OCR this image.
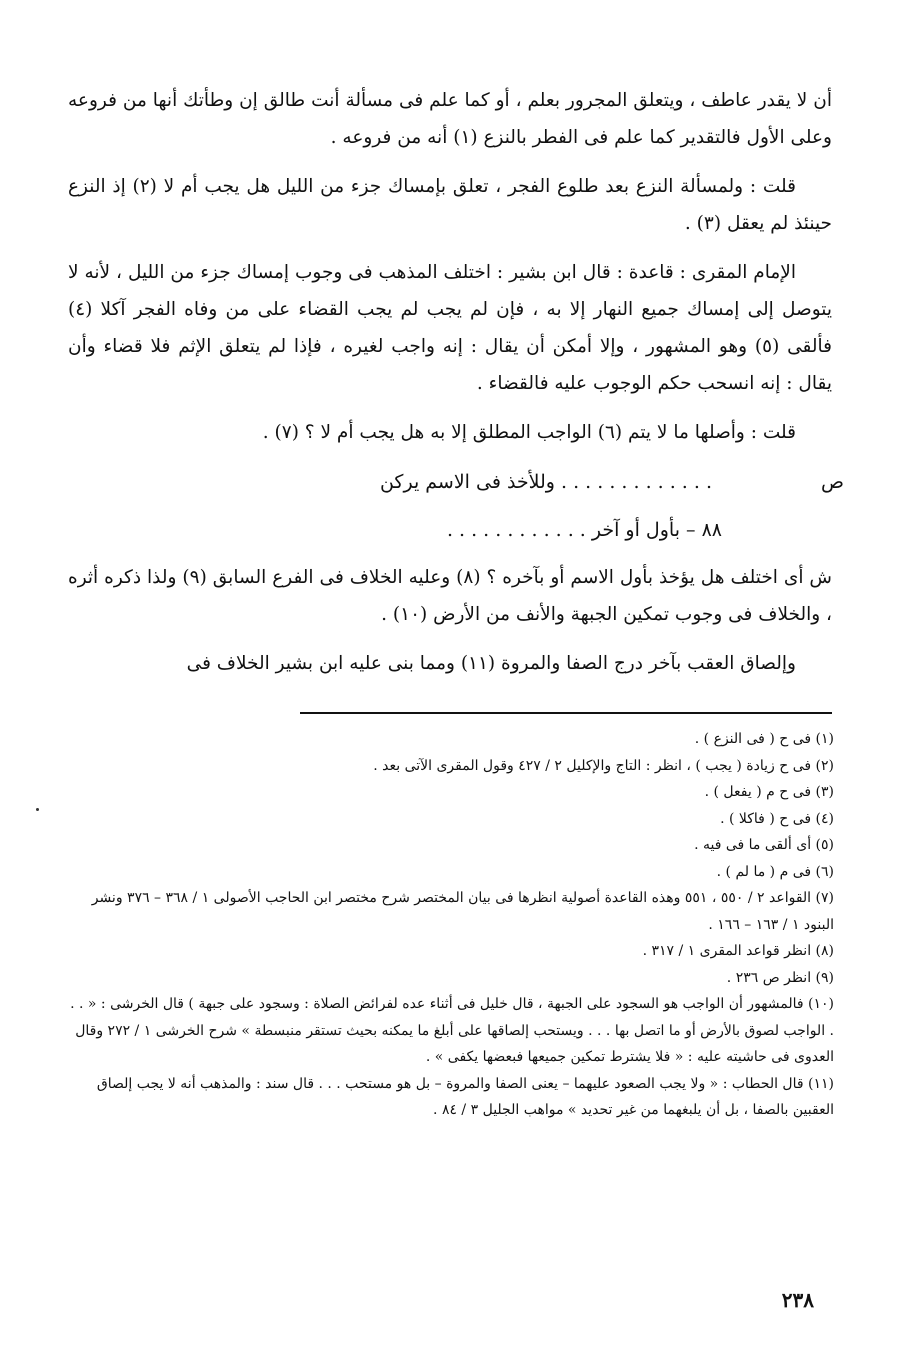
أن لا يقدر عاطف ، ويتعلق المجرور بعلم ، أو كما علم فى مسألة أنت طالق إن وطأتك أنها من فروعه وعلى الأول فالتقدير كما علم فى الفطر بالنزع (١) أنه من فروعه .

قلت : ولمسألة النزع بعد طلوع الفجر ، تعلق بإمساك جزء من الليل هل يجب أم لا (٢) إذ النزع حينئذ لم يعقل (٣) .

الإمام المقرى : قاعدة : قال ابن بشير : اختلف المذهب فى وجوب إمساك جزء من الليل ، لأنه لا يتوصل إلى إمساك جميع النهار إلا به ، فإن لم يجب لم يجب القضاء على من وفاه الفجر آكلا (٤) فألقى (٥) وهو المشهور ، وإلا أمكن أن يقال : إنه واجب لغيره ، فإذا لم يتعلق الإثم فلا قضاء وأن يقال : إنه انسحب حكم الوجوب عليه فالقضاء .

قلت : وأصلها ما لا يتم (٦) الواجب المطلق إلا به هل يجب أم لا ؟ (٧) .

ص
. . . . . . . . . . . . . وللأخذ فى الاسم يركن
٨٨ – بأول أو آخر . . . . . . . . . . . .

ش أى اختلف هل يؤخذ بأول الاسم أو بآخره ؟ (٨) وعليه الخلاف فى الفرع السابق (٩) ولذا ذكره أثره ، والخلاف فى وجوب تمكين الجبهة والأنف من الأرض (١٠) .

وإلصاق العقب بآخر درج الصفا والمروة (١١) ومما بنى عليه ابن بشير الخلاف فى

(١) فى ح ( فى النزع ) .

(٢) فى ح زيادة ( يجب ) ، انظر : التاج والإكليل ٢ / ٤٢٧ وقول المقرى الآتى بعد .

(٣) فى ح م ( يفعل ) .

(٤) فى ح ( فاكلا ) .

(٥) أى ألقى ما فى فيه .

(٦) فى م ( ما لم ) .

(٧) القواعد ٢ / ٥٥٠ ، ٥٥١ وهذه القاعدة أصولية انظرها فى بيان المختصر شرح مختصر ابن الحاجب الأصولى ١ / ٣٦٨ – ٣٧٦ ونشر البنود ١ / ١٦٣ – ١٦٦ .

(٨) انظر قواعد المقرى ١ / ٣١٧ .

(٩) انظر ص ٢٣٦ .

(١٠) فالمشهور أن الواجب هو السجود على الجبهة ، قال خليل فى أثناء عده لفرائض الصلاة : وسجود على جبهة ) قال الخرشى : « . . . الواجب لصوق بالأرض أو ما اتصل بها . . . ويستحب إلصاقها على أبلغ ما يمكنه بحيث تستقر منبسطة » شرح الخرشى ١ / ٢٧٢ وقال العدوى فى حاشيته عليه : « فلا يشترط تمكين جميعها فبعضها يكفى » .

(١١) قال الحطاب : « ولا يجب الصعود عليهما – يعنى الصفا والمروة – بل هو مستحب . . . قال سند : والمذهب أنه لا يجب إلصاق العقبين بالصفا ، بل أن يلبغهما من غير تحديد » مواهب الجليل ٣ / ٨٤ .

٢٣٨
